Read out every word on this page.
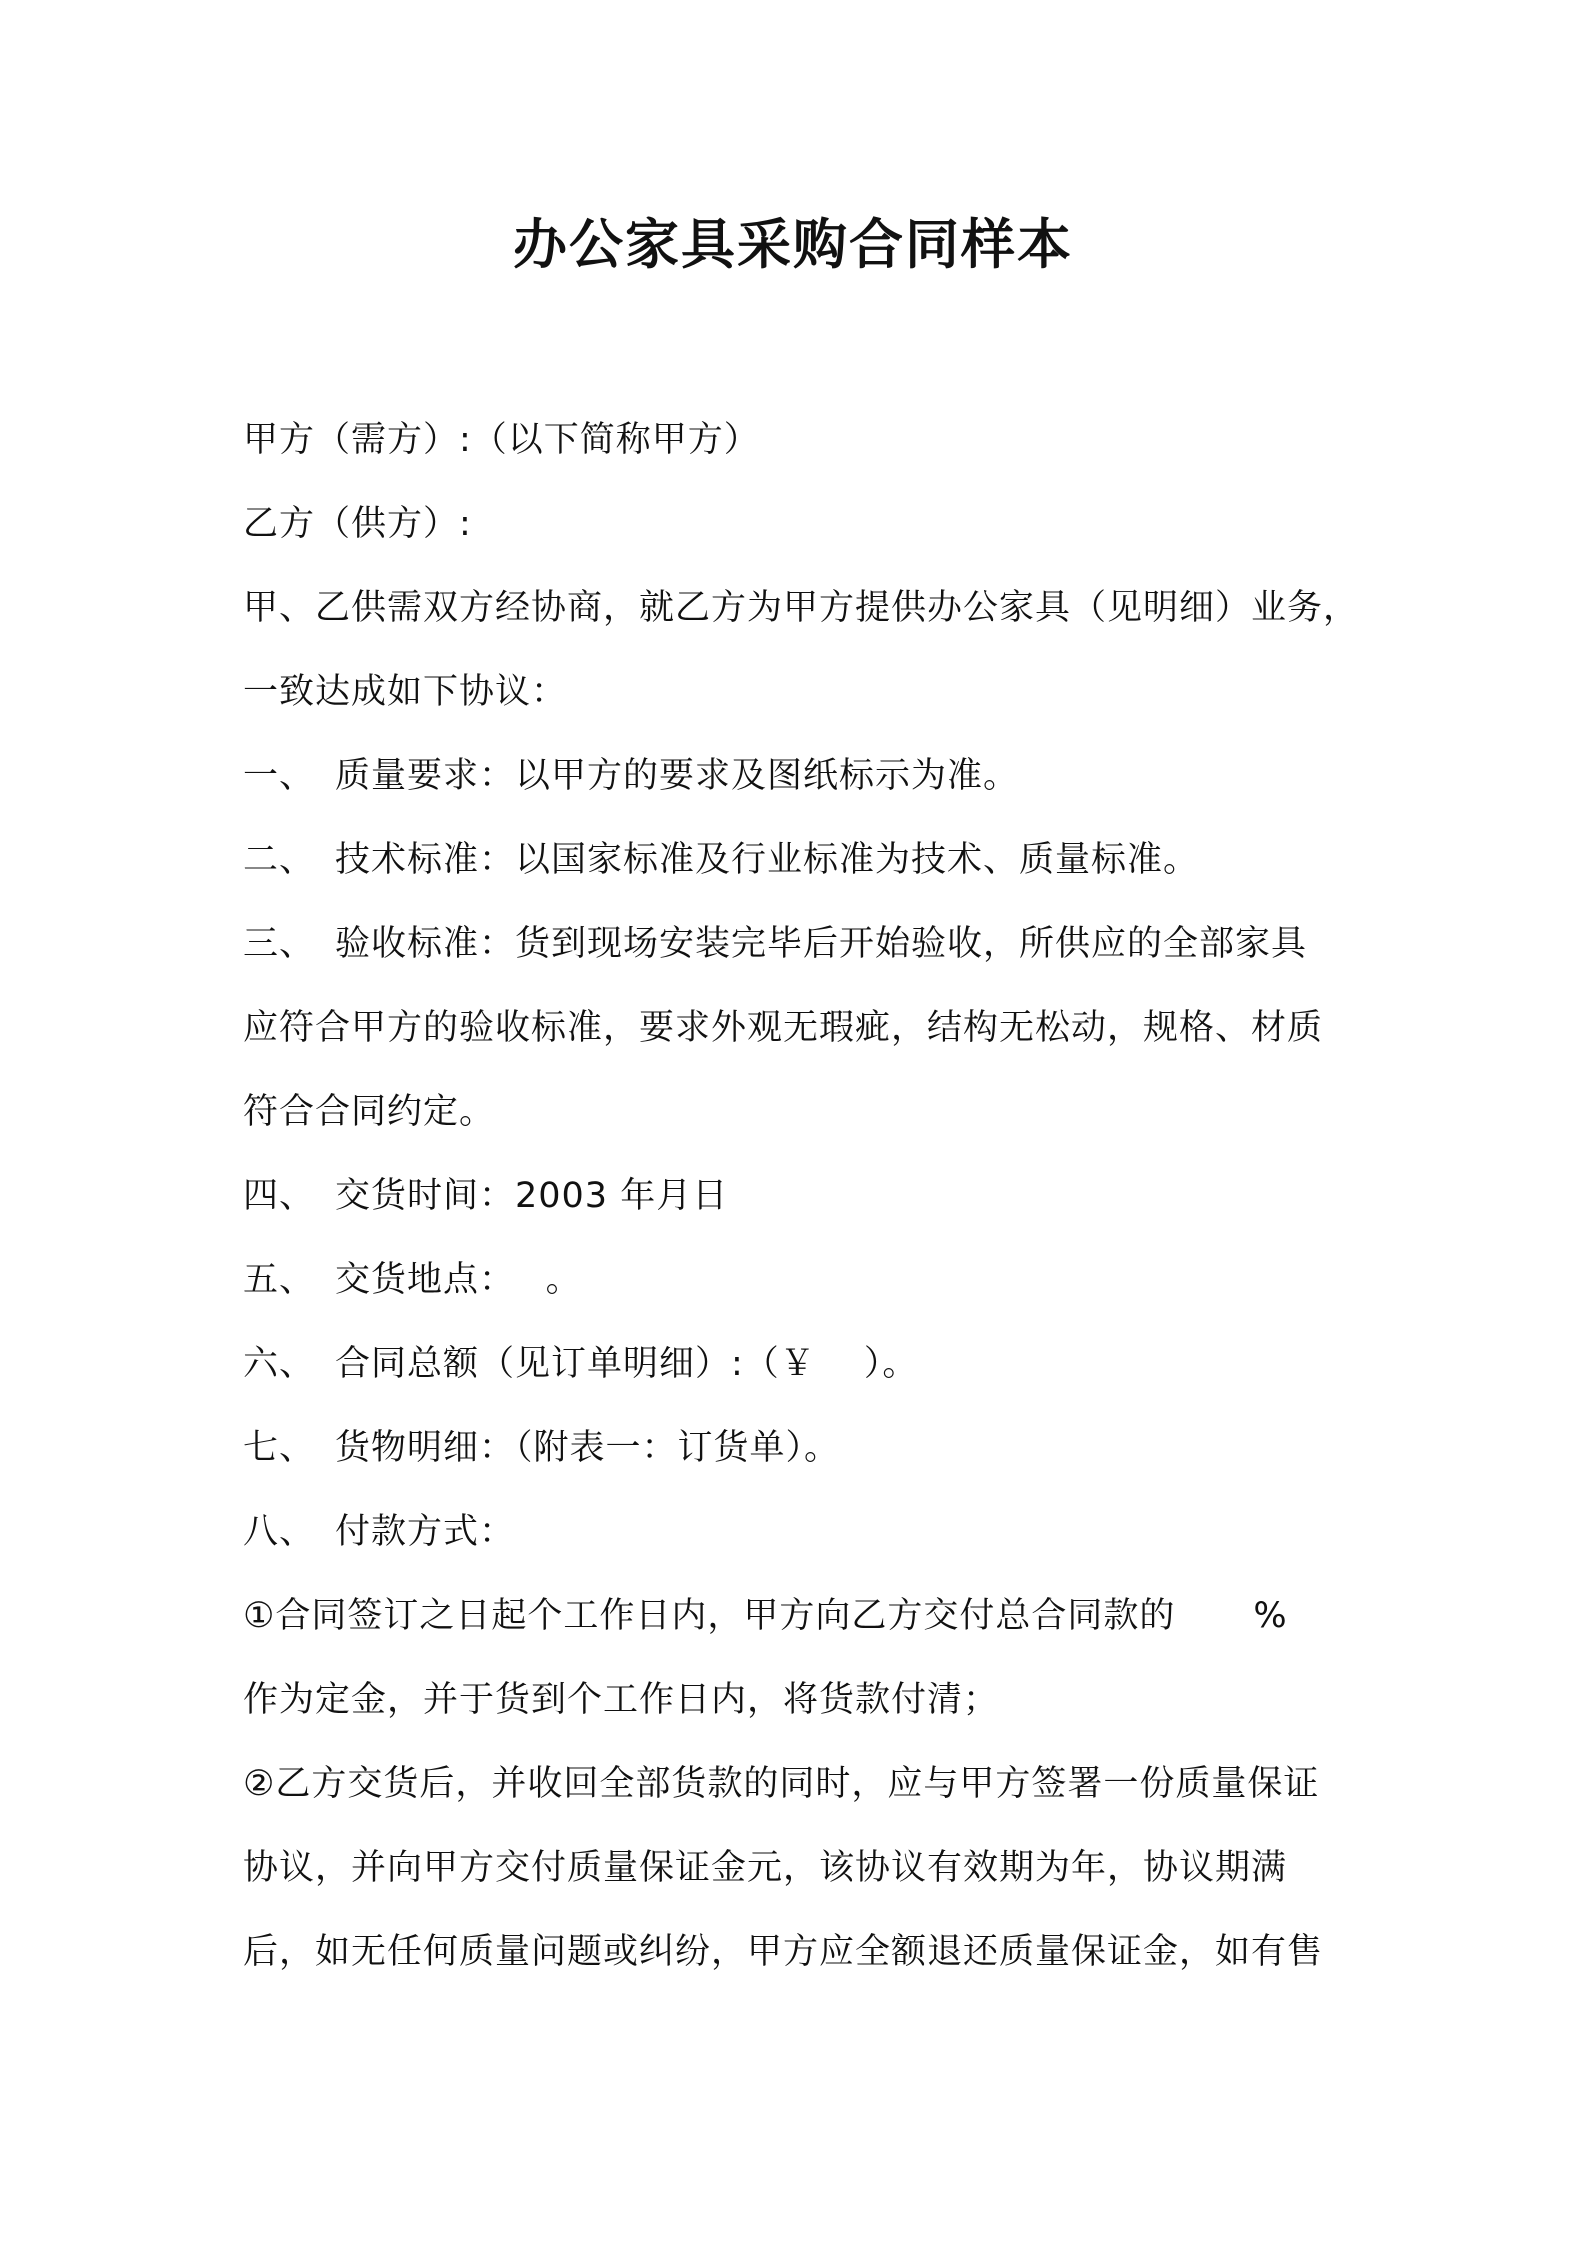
办公家具采购合同样本
甲方（需方）:（以下简称甲方）
乙方（供方）:
甲、乙供需双方经协商，就乙方为甲方提供办公家具（见明细）业务，
一致达成如下协议：
一、 质量要求：以甲方的要求及图纸标示为准。
二、 技术标准：以国家标准及行业标准为技术、质量标准。
三、 验收标准：货到现场安装完毕后开始验收，所供应的全部家具
应符合甲方的验收标准，要求外观无瑕疵，结构无松动，规格、材质
符合合同约定。
四、 交货时间：2003 年月日
五、 交货地点：　 。
六、 合同总额（见订单明细）:（￥　 ）。
七、 货物明细：（附表一：订货单）。
八、 付款方式：
①合同签订之日起个工作日内，甲方向乙方交付总合同款的 %
作为定金，并于货到个工作日内，将货款付清；
②乙方交货后，并收回全部货款的同时，应与甲方签署一份质量保证
协议，并向甲方交付质量保证金元，该协议有效期为年，协议期满
后，如无任何质量问题或纠纷，甲方应全额退还质量保证金，如有售
